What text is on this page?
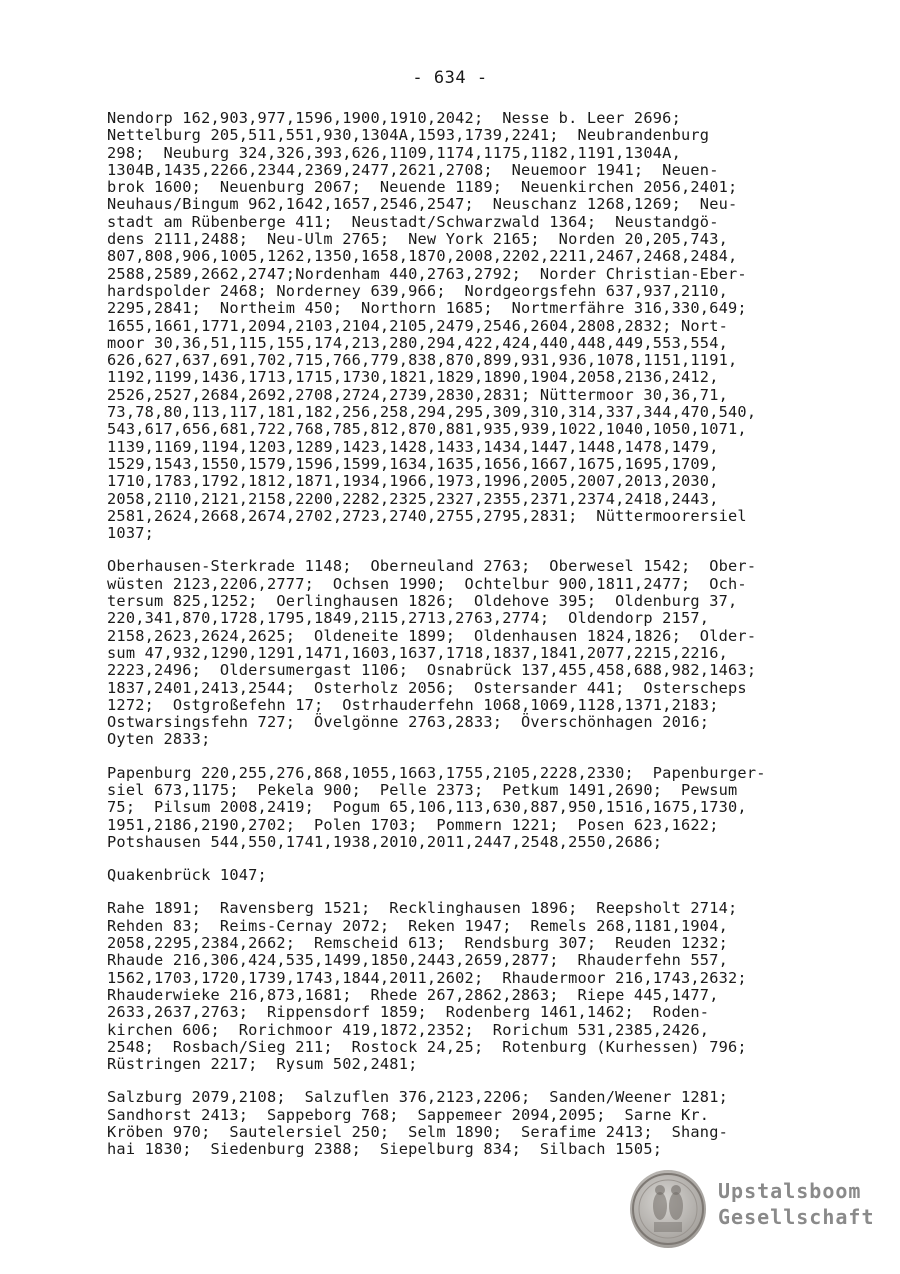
- 634 -
Nendorp 162,903,977,1596,1900,1910,2042;  Nesse b. Leer 2696;
Nettelburg 205,511,551,930,1304A,1593,1739,2241;  Neubrandenburg
298;  Neuburg 324,326,393,626,1109,1174,1175,1182,1191,1304A,
1304B,1435,2266,2344,2369,2477,2621,2708;  Neuemoor 1941;  Neuen-
brok 1600;  Neuenburg 2067;  Neuende 1189;  Neuenkirchen 2056,2401;
Neuhaus/Bingum 962,1642,1657,2546,2547;  Neuschanz 1268,1269;  Neu-
stadt am Rübenberge 411;  Neustadt/Schwarzwald 1364;  Neustandgö-
dens 2111,2488;  Neu-Ulm 2765;  New York 2165;  Norden 20,205,743,
807,808,906,1005,1262,1350,1658,1870,2008,2202,2211,2467,2468,2484,
2588,2589,2662,2747;Nordenham 440,2763,2792;  Norder Christian-Eber-
hardspolder 2468; Norderney 639,966;  Nordgeorgsfehn 637,937,2110,
2295,2841;  Northeim 450;  Northorn 1685;  Nortmerfähre 316,330,649;
1655,1661,1771,2094,2103,2104,2105,2479,2546,2604,2808,2832; Nort-
moor 30,36,51,115,155,174,213,280,294,422,424,440,448,449,553,554,
626,627,637,691,702,715,766,779,838,870,899,931,936,1078,1151,1191,
1192,1199,1436,1713,1715,1730,1821,1829,1890,1904,2058,2136,2412,
2526,2527,2684,2692,2708,2724,2739,2830,2831; Nüttermoor 30,36,71,
73,78,80,113,117,181,182,256,258,294,295,309,310,314,337,344,470,540,
543,617,656,681,722,768,785,812,870,881,935,939,1022,1040,1050,1071,
1139,1169,1194,1203,1289,1423,1428,1433,1434,1447,1448,1478,1479,
1529,1543,1550,1579,1596,1599,1634,1635,1656,1667,1675,1695,1709,
1710,1783,1792,1812,1871,1934,1966,1973,1996,2005,2007,2013,2030,
2058,2110,2121,2158,2200,2282,2325,2327,2355,2371,2374,2418,2443,
2581,2624,2668,2674,2702,2723,2740,2755,2795,2831;  Nüttermoorersiel
1037;
Oberhausen-Sterkrade 1148;  Oberneuland 2763;  Oberwesel 1542;  Ober-
wüsten 2123,2206,2777;  Ochsen 1990;  Ochtelbur 900,1811,2477;  Och-
tersum 825,1252;  Oerlinghausen 1826;  Oldehove 395;  Oldenburg 37,
220,341,870,1728,1795,1849,2115,2713,2763,2774;  Oldendorp 2157,
2158,2623,2624,2625;  Oldeneite 1899;  Oldenhausen 1824,1826;  Older-
sum 47,932,1290,1291,1471,1603,1637,1718,1837,1841,2077,2215,2216,
2223,2496;  Oldersumergast 1106;  Osnabrück 137,455,458,688,982,1463;
1837,2401,2413,2544;  Osterholz 2056;  Ostersander 441;  Osterscheps
1272;  Ostgroßefehn 17;  Ostrhauderfehn 1068,1069,1128,1371,2183;
Ostwarsingsfehn 727;  Övelgönne 2763,2833;  Överschönhagen 2016;
Oyten 2833;
Papenburg 220,255,276,868,1055,1663,1755,2105,2228,2330;  Papenburger-
siel 673,1175;  Pekela 900;  Pelle 2373;  Petkum 1491,2690;  Pewsum
75;  Pilsum 2008,2419;  Pogum 65,106,113,630,887,950,1516,1675,1730,
1951,2186,2190,2702;  Polen 1703;  Pommern 1221;  Posen 623,1622;
Potshausen 544,550,1741,1938,2010,2011,2447,2548,2550,2686;
Quakenbrück 1047;
Rahe 1891;  Ravensberg 1521;  Recklinghausen 1896;  Reepsholt 2714;
Rehden 83;  Reims-Cernay 2072;  Reken 1947;  Remels 268,1181,1904,
2058,2295,2384,2662;  Remscheid 613;  Rendsburg 307;  Reuden 1232;
Rhaude 216,306,424,535,1499,1850,2443,2659,2877;  Rhauderfehn 557,
1562,1703,1720,1739,1743,1844,2011,2602;  Rhaudermoor 216,1743,2632;
Rhauderwieke 216,873,1681;  Rhede 267,2862,2863;  Riepe 445,1477,
2633,2637,2763;  Rippensdorf 1859;  Rodenberg 1461,1462;  Roden-
kirchen 606;  Rorichmoor 419,1872,2352;  Rorichum 531,2385,2426,
2548;  Rosbach/Sieg 211;  Rostock 24,25;  Rotenburg (Kurhessen) 796;
Rüstringen 2217;  Rysum 502,2481;
Salzburg 2079,2108;  Salzuflen 376,2123,2206;  Sanden/Weener 1281;
Sandhorst 2413;  Sappeborg 768;  Sappemeer 2094,2095;  Sarne Kr.
Kröben 970;  Sautelersiel 250;  Selm 1890;  Serafime 2413;  Shang-
hai 1830;  Siedenburg 2388;  Siepelburg 834;  Silbach 1505;
Upstalsboom
Gesellschaft
